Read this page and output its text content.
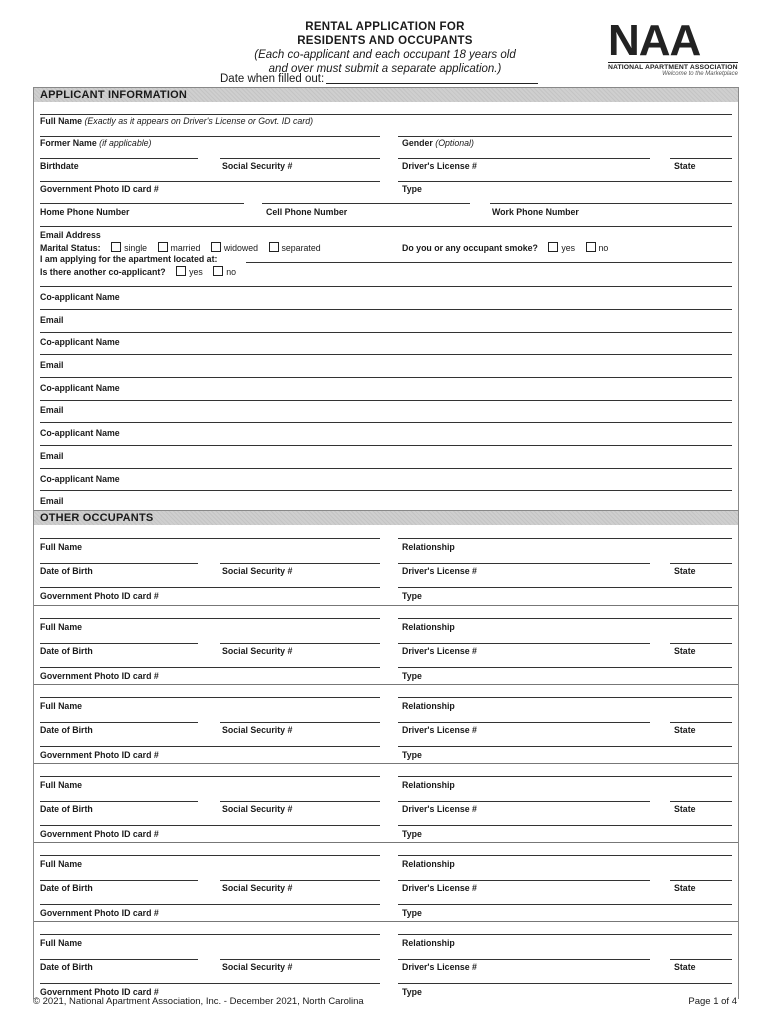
RENTAL APPLICATION FOR
RESIDENTS AND OCCUPANTS
(Each co-applicant and each occupant 18 years old
and over must submit a separate application.)
Date when filled out:
NAA
NATIONAL APARTMENT ASSOCIATION
Welcome to the Marketplace
APPLICANT INFORMATION
Full Name (Exactly as it appears on Driver's License or Govt. ID card)
Former Name (if applicable)	Gender (Optional)
Birthdate	Social Security #	Driver's License #	State
Government Photo ID card #	Type
Home Phone Number	Cell Phone Number	Work Phone Number
Email Address
Marital Status:	single	married	widowed	separated	Do you or any occupant smoke?	yes	no
I am applying for the apartment located at:
Is there another co-applicant?	yes	no
Co-applicant Name
Email
Co-applicant Name
Email
Co-applicant Name
Email
Co-applicant Name
Email
Co-applicant Name
Email
OTHER OCCUPANTS
Full Name	Relationship
Date of Birth	Social Security #	Driver's License #	State
Government Photo ID card #	Type
Full Name	Relationship
Date of Birth	Social Security #	Driver's License #	State
Government Photo ID card #	Type
Full Name	Relationship
Date of Birth	Social Security #	Driver's License #	State
Government Photo ID card #	Type
Full Name	Relationship
Date of Birth	Social Security #	Driver's License #	State
Government Photo ID card #	Type
Full Name	Relationship
Date of Birth	Social Security #	Driver's License #	State
Government Photo ID card #	Type
Full Name	Relationship
Date of Birth	Social Security #	Driver's License #	State
Government Photo ID card #	Type
© 2021, National Apartment Association, Inc. - December 2021, North Carolina	Page 1 of 4
